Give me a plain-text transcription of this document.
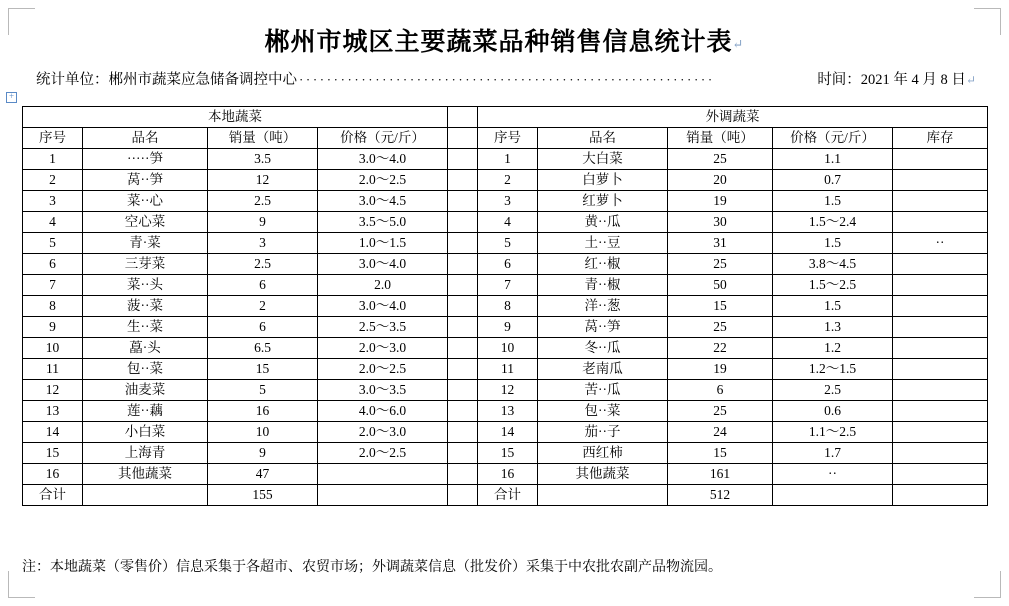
+
郴州市城区主要蔬菜品种销售信息统计表↵
统计单位：郴州市蔬菜应急储备调控中心 ····························································	时间：2021 年 4 月 8 日 ↵
本地蔬菜					外调蔬菜				
序号	品名	销量（吨）	价格（元/斤）		序号	品名	销量（吨）	价格（元/斤）	库存
1	·····笋	3.5	3.0～4.0		1	大白菜	25	1.1	
2	莴··笋	12	2.0～2.5		2	白萝卜	20	0.7	
3	菜··心	2.5	3.0～4.5		3	红萝卜	19	1.5	
4	空心菜	9	3.5～5.0		4	黄··瓜	30	1.5～2.4	
5	青·菜	3	1.0～1.5		5	土··豆	31	1.5	··
6	三芽菜	2.5	3.0～4.0		6	红··椒	25	3.8～4.5	
7	菜··头	6	2.0		7	青··椒	50	1.5～2.5	
8	菠··菜	2	3.0～4.0		8	洋··葱	15	1.5	
9	生··菜	6	2.5～3.5		9	莴··笋	25	1.3	
10	藠·头	6.5	2.0～3.0		10	冬··瓜	22	1.2	
11	包··菜	15	2.0～2.5		11	老南瓜	19	1.2～1.5	
12	油麦菜	5	3.0～3.5		12	苦··瓜	6	2.5	
13	莲··藕	16	4.0～6.0		13	包··菜	25	0.6	
14	小白菜	10	2.0～3.0		14	茄··子	24	1.1～2.5	
15	上海青	9	2.0～2.5		15	西红柿	15	1.7	
16	其他蔬菜	47			16	其他蔬菜	161	··	
合计		155			合计		512		
注：本地蔬菜（零售价）信息采集于各超市、农贸市场；外调蔬菜信息（批发价）采集于中农批农副产品物流园。
